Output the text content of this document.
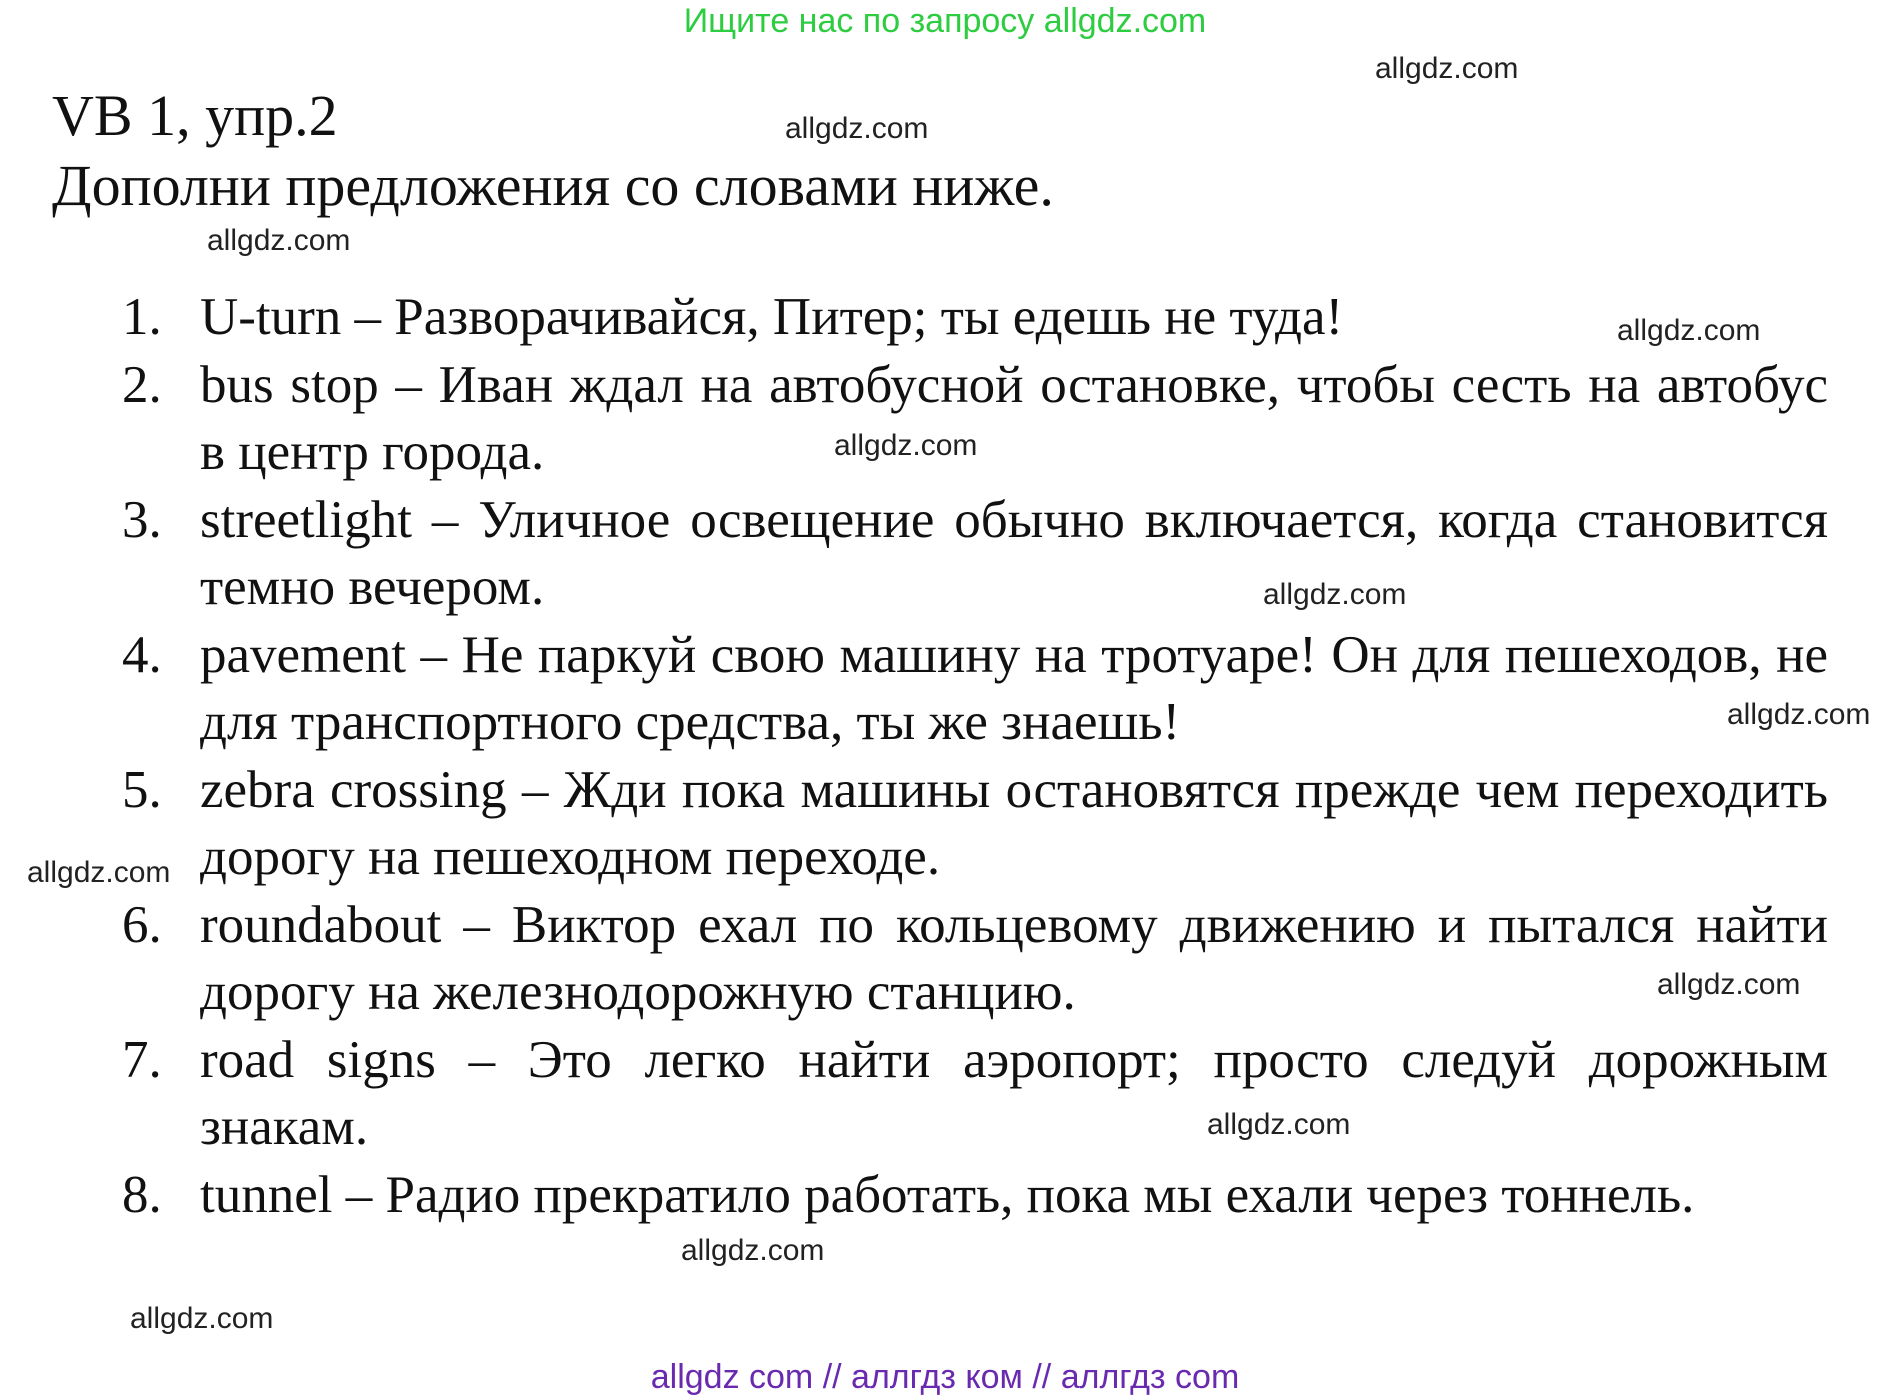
Ищите нас по запросу allgdz.com
VB 1, упр.2
Дополни предложения со словами ниже.
1. U-turn – Разворачивайся, Питер; ты едешь не туда!
2. bus stop – Иван ждал на автобусной остановке, чтобы сесть на автобус в центр города.
3. streetlight – Уличное освещение обычно включается, когда становится темно вечером.
4. pavement – Не паркуй свою машину на тротуаре! Он для пешеходов, не для транспортного средства, ты же знаешь!
5. zebra crossing – Жди пока машины остановятся прежде чем переходить дорогу на пешеходном переходе.
6. roundabout – Виктор ехал по кольцевому движению и пытался найти дорогу на железнодорожную станцию.
7. road signs – Это легко найти аэропорт; просто следуй дорожным знакам.
8. tunnel – Радио прекратило работать, пока мы ехали через тоннель.
allgdz.com
allgdz.com
allgdz.com
allgdz.com
allgdz.com
allgdz.com
allgdz.com
allgdz.com
allgdz.com
allgdz.com
allgdz.com
allgdz.com
allgdz com // аллгдз ком // аллгдз com
